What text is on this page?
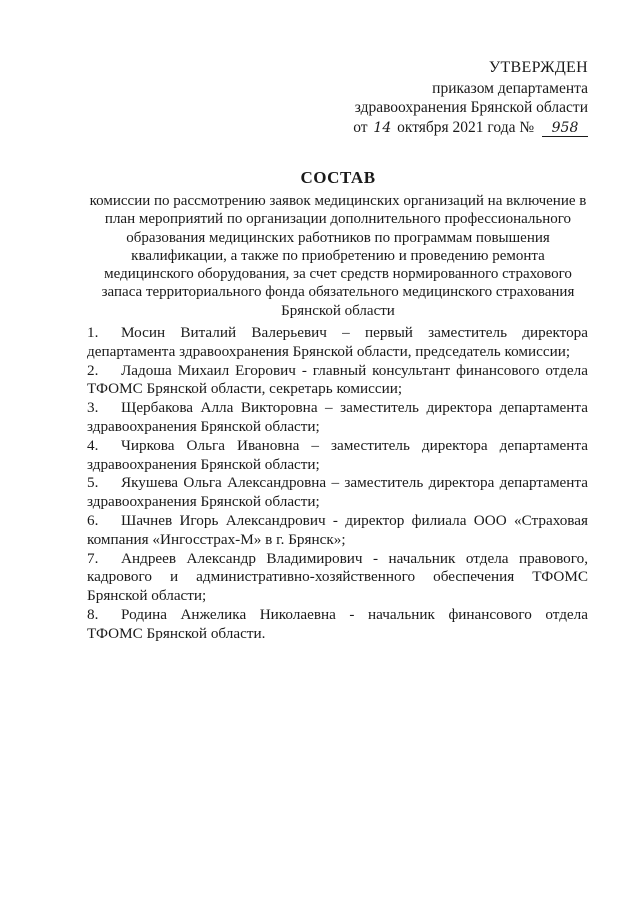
УТВЕРЖДЕН
приказом департамента
здравоохранения Брянской области
от 14 октября 2021 года № 958
СОСТАВ
комиссии по рассмотрению заявок медицинских организаций на включение в
план мероприятий по организации дополнительного профессионального
образования медицинских работников по программам повышения
квалификации, а также по приобретению и проведению ремонта
медицинского оборудования, за счет средств нормированного страхового
запаса территориального фонда обязательного медицинского страхования
Брянской области
1. Мосин Виталий Валерьевич – первый заместитель директора департамента здравоохранения Брянской области, председатель комиссии;
2. Ладоша Михаил Егорович - главный консультант финансового отдела ТФОМС Брянской области, секретарь комиссии;
3. Щербакова Алла Викторовна – заместитель директора департамента здравоохранения Брянской области;
4. Чиркова Ольга Ивановна – заместитель директора департамента здравоохранения Брянской области;
5. Якушева Ольга Александровна – заместитель директора департамента здравоохранения Брянской области;
6. Шачнев Игорь Александрович - директор филиала ООО «Страховая компания «Ингосстрах-М» в г. Брянск»;
7. Андреев Александр Владимирович - начальник отдела правового, кадрового и административно-хозяйственного обеспечения ТФОМС Брянской области;
8. Родина Анжелика Николаевна - начальник финансового отдела ТФОМС Брянской области.
